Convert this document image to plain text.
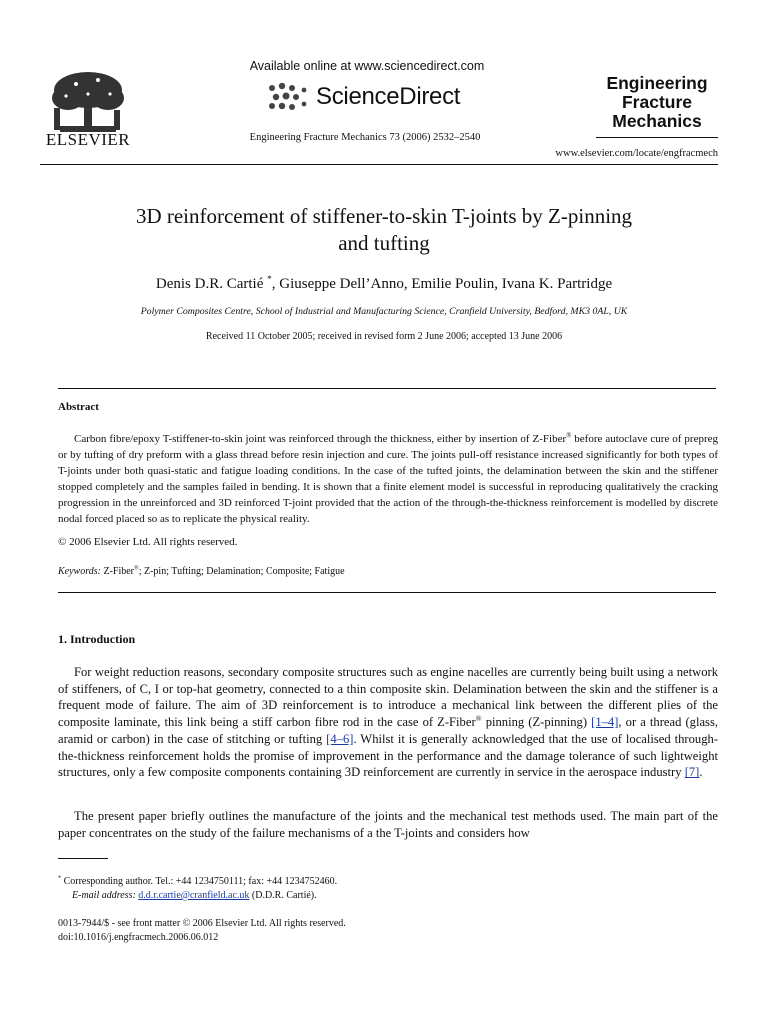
ELSEVIER
Available online at www.sciencedirect.com
ScienceDirect
Engineering Fracture Mechanics 73 (2006) 2532–2540
Engineering
Fracture
Mechanics
www.elsevier.com/locate/engfracmech
3D reinforcement of stiffener-to-skin T-joints by Z-pinning
and tufting
Denis D.R. Cartié *, Giuseppe Dell’Anno, Emilie Poulin, Ivana K. Partridge
Polymer Composites Centre, School of Industrial and Manufacturing Science, Cranfield University, Bedford, MK3 0AL, UK
Received 11 October 2005; received in revised form 2 June 2006; accepted 13 June 2006
Abstract
Carbon fibre/epoxy T-stiffener-to-skin joint was reinforced through the thickness, either by insertion of Z-Fiber® before autoclave cure of prepreg or by tufting of dry preform with a glass thread before resin injection and cure. The joints pull-off resistance increased significantly for both types of T-joints under both quasi-static and fatigue loading conditions. In the case of the tufted joints, the delamination between the skin and the stiffener stopped completely and the samples failed in bending. It is shown that a finite element model is successful in reproducing qualitatively the cracking progression in the unreinforced and 3D reinforced T-joint provided that the action of the through-the-thickness reinforcement is modelled by discrete nodal forced placed so as to replicate the physical reality.
© 2006 Elsevier Ltd. All rights reserved.
Keywords: Z-Fiber®; Z-pin; Tufting; Delamination; Composite; Fatigue
1. Introduction
For weight reduction reasons, secondary composite structures such as engine nacelles are currently being built using a network of stiffeners, of C, I or top-hat geometry, connected to a thin composite skin. Delamination between the skin and the stiffener is a frequent mode of failure. The aim of 3D reinforcement is to introduce a mechanical link between the different plies of the composite laminate, this link being a stiff carbon fibre rod in the case of Z-Fiber® pinning (Z-pinning) [1–4], or a thread (glass, aramid or carbon) in the case of stitching or tufting [4–6]. Whilst it is generally acknowledged that the use of localised through-the-thickness reinforcement holds the promise of improvement in the performance and the damage tolerance of such lightweight structures, only a few composite components containing 3D reinforcement are currently in service in the aerospace industry [7].
The present paper briefly outlines the manufacture of the joints and the mechanical test methods used. The main part of the paper concentrates on the study of the failure mechanisms of a the T-joints and considers how
* Corresponding author. Tel.: +44 1234750111; fax: +44 1234752460.
E-mail address: d.d.r.cartie@cranfield.ac.uk (D.D.R. Cartié).
0013-7944/$ - see front matter © 2006 Elsevier Ltd. All rights reserved.
doi:10.1016/j.engfracmech.2006.06.012
